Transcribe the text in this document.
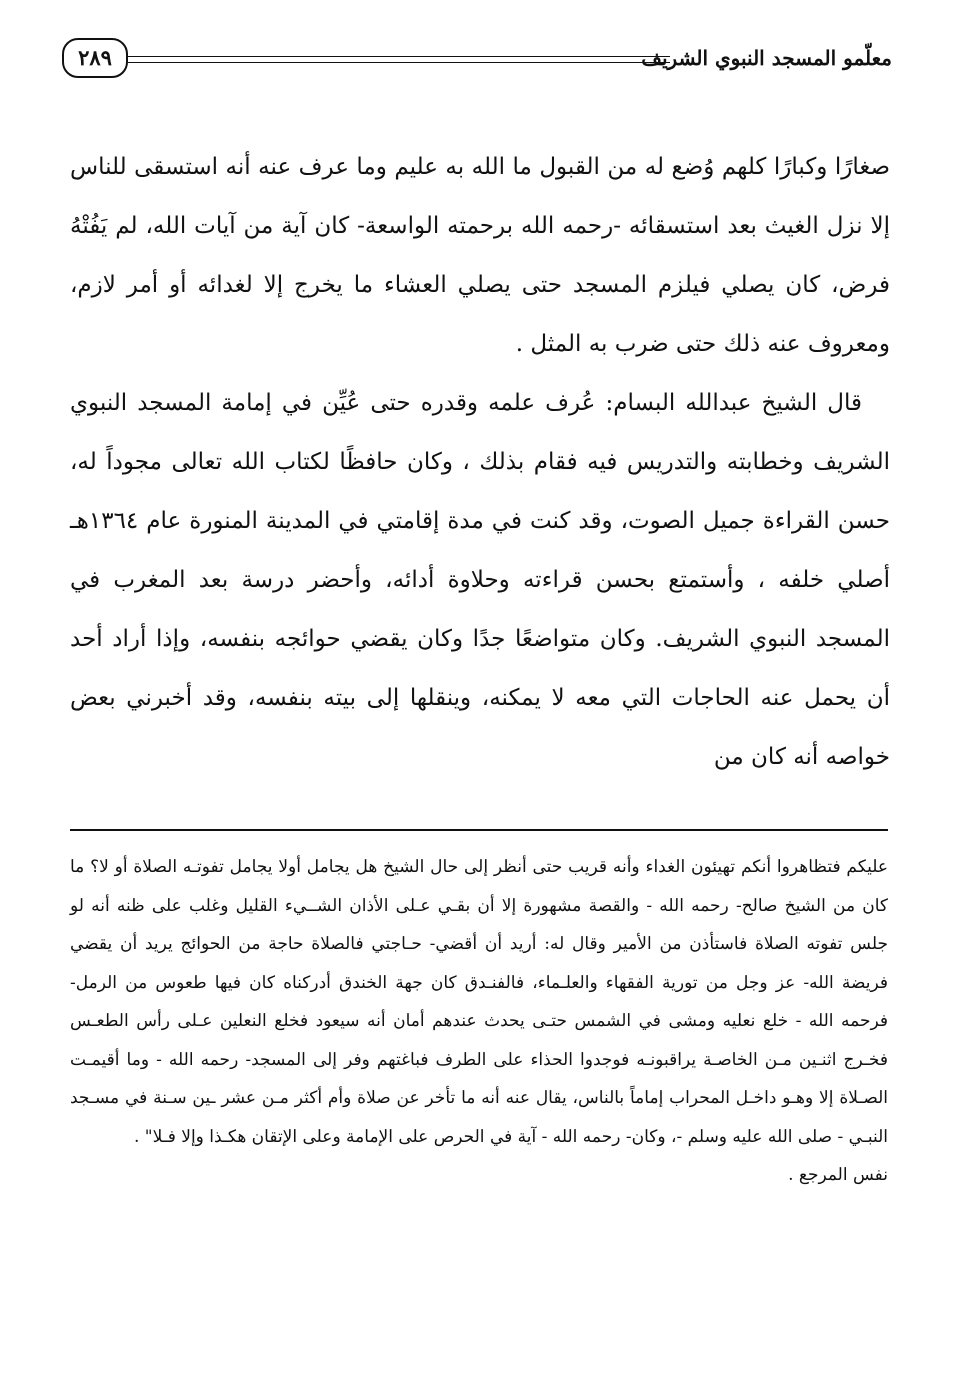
معلّمو المسجد النبوي الشريف
٢٨٩

صغارًا وكبارًا كلهم وُضع له من القبول ما الله به عليم وما عرف عنه أنه استسقى للناس إلا نزل الغيث بعد استسقائه -رحمه الله برحمته الواسعة- كان آية من آيات الله، لم يَفُتْهُ فرض، كان يصلي فيلزم المسجد حتى يصلي العشاء ما يخرج إلا لغدائه أو أمر لازم، ومعروف عنه ذلك حتى ضرب به المثل .

قال الشيخ عبدالله البسام: عُرف علمه وقدره حتى عُيِّن في إمامة المسجد النبوي الشريف وخطابته والتدريس فيه فقام بذلك ، وكان حافظًا لكتاب الله تعالى مجوداً له، حسن القراءة جميل الصوت، وقد كنت في مدة إقامتي في المدينة المنورة عام ١٣٦٤هـ أصلي خلفه ، وأستمتع بحسن قراءته وحلاوة أدائه، وأحضر درسة بعد المغرب في المسجد النبوي الشريف. وكان متواضعًا جدًا وكان يقضي حوائجه بنفسه، وإذا أراد أحد أن يحمل عنه الحاجات التي معه لا يمكنه، وينقلها إلى بيته بنفسه، وقد أخبرني بعض خواصه أنه كان من

عليكم فتظاهروا أنكم تهيئون الغداء وأنه قريب حتى أنظر إلى حال الشيخ هل يجامل أولا يجامل تفوتـه الصلاة أو لا؟ ما كان من الشيخ صالح- رحمه الله - والقصة مشهورة إلا أن بقـي عـلى الأذان الشــيء القليل وغلب على ظنه أنه لو جلس تفوته الصلاة فاستأذن من الأمير وقال له: أريد أن أقضي- حـاجتي فالصلاة حاجة من الحوائج يريد أن يقضي فريضة الله- عز وجل من تورية الفقهاء والعلـماء، فالفنـدق كان جهة الخندق أدركناه كان فيها طعوس من الرمل- فرحمه الله - خلع نعليه ومشى في الشمس حتـى يحدث عندهم أمان أنه سيعود فخلع النعلين عـلى رأس الطعـس فخـرج اثنـين مـن الخاصـة يراقبونـه فوجدوا الحذاء على الطرف فباغتهم وفر إلى المسجد- رحمه الله - وما أقيمـت الصـلاة إلا وهـو داخـل المحراب إماماً بالناس، يقال عنه أنه ما تأخر عن صلاة وأم أكثر مـن عشر ـين سـنة في مسـجد النبـي - صلى الله عليه وسلم -، وكان- رحمه الله - آية في الحرص على الإمامة وعلى الإتقان هكـذا وإلا فـلا" .

نفس المرجع .
